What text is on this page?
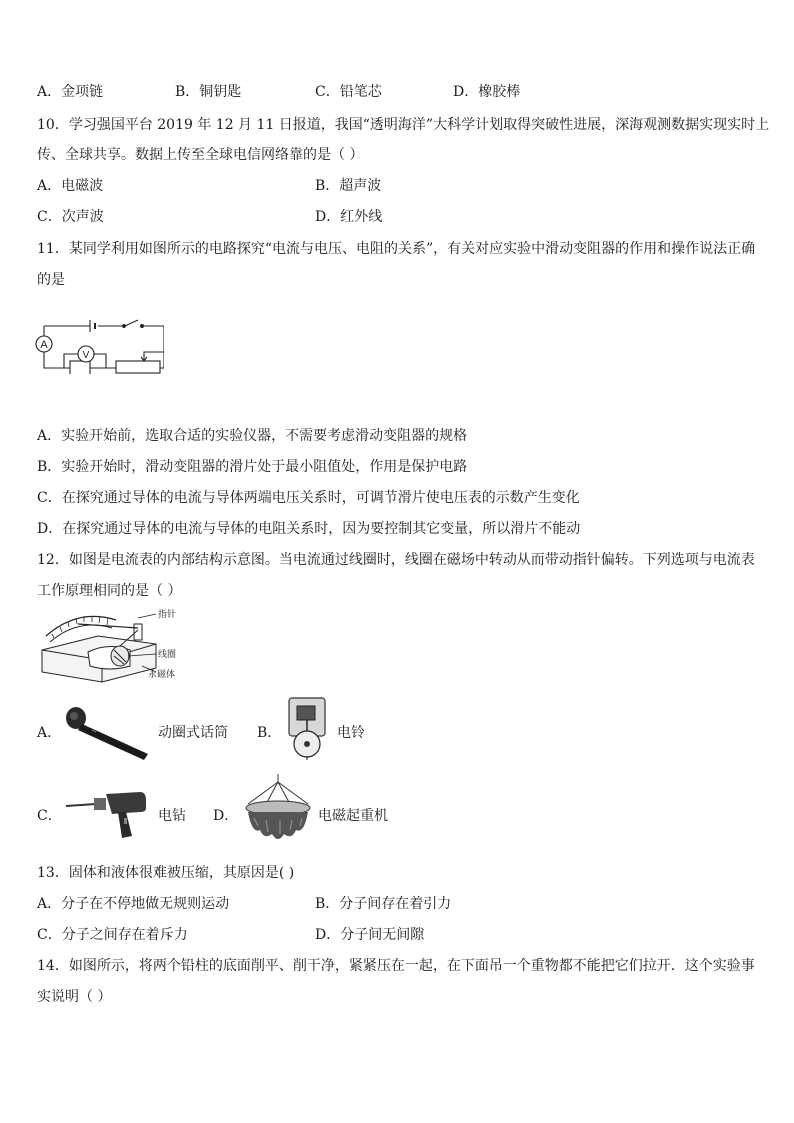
A．金项链	B．铜钥匙	C．铅笔芯	D．橡胶棒
10．学习强国平台 2019 年 12 月 11 日报道，我国“透明海洋”大科学计划取得突破性进展，深海观测数据实现实时上
传、全球共享。数据上传至全球电信网络靠的是（ ）
A．电磁波	B．超声波
C．次声波	D．红外线
11．某同学利用如图所示的电路探究“电流与电压、电阻的关系”，有关对应实验中滑动变阻器的作用和操作说法正确
的是
A
V
A．实验开始前，选取合适的实验仪器，不需要考虑滑动变阻器的规格
B．实验开始时，滑动变阻器的滑片处于最小阻值处，作用是保护电路
C．在探究通过导体的电流与导体两端电压关系时，可调节滑片使电压表的示数产生变化
D．在探究通过导体的电流与导体的电阻关系时，因为要控制其它变量，所以滑片不能动
12．如图是电流表的内部结构示意图。当电流通过线圈时，线圈在磁场中转动从而带动指针偏转。下列选项与电流表
工作原理相同的是（ ）
指针
线圈
永磁体
A．	动圈式话筒 B．	电铃
C．	电钻 D．	电磁起重机
13．固体和液体很难被压缩，其原因是( )
A．分子在不停地做无规则运动	B．分子间存在着引力
C．分子之间存在着斥力	D．分子间无间隙
14．如图所示，将两个铅柱的底面削平、削干净，紧紧压在一起，在下面吊一个重物都不能把它们拉开．这个实验事
实说明（ ）
